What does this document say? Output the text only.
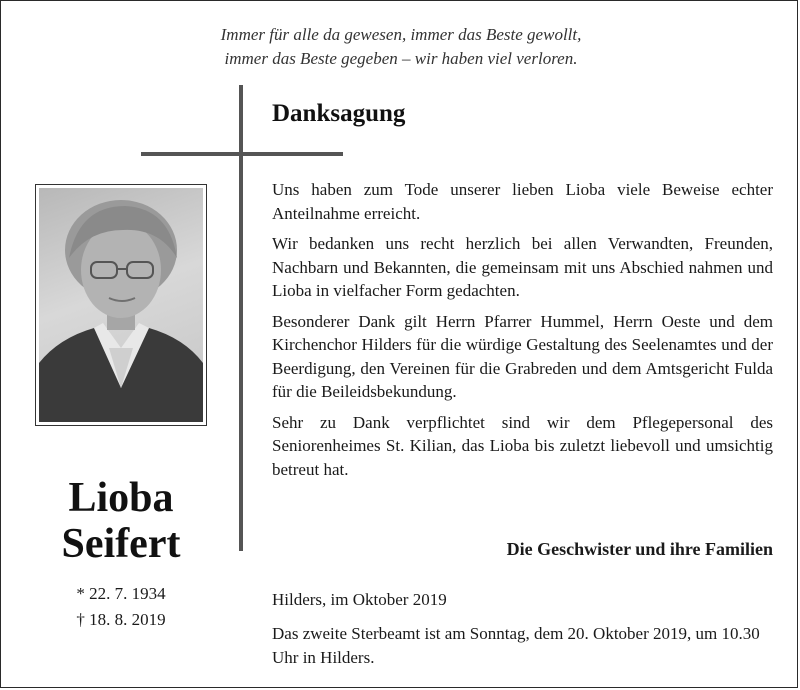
Immer für alle da gewesen, immer das Beste gewollt,
immer das Beste gegeben – wir haben viel verloren.
Lioba
Seifert
* 22. 7. 1934
† 18. 8. 2019
Danksagung

Uns haben zum Tode unserer lieben Lioba viele Beweise echter Anteilnahme erreicht.

Wir bedanken uns recht herzlich bei allen Verwandten, Freunden, Nachbarn und Bekannten, die gemeinsam mit uns Abschied nahmen und Lioba in vielfacher Form gedachten.

Besonderer Dank gilt Herrn Pfarrer Hummel, Herrn Oeste und dem Kirchenchor Hilders für die würdige Gestaltung des Seelenamtes und der Beerdigung, den Vereinen für die Grabreden und dem Amtsgericht Fulda für die Beileidsbekundung.

Sehr zu Dank verpflichtet sind wir dem Pflegepersonal des Seniorenheimes St. Kilian, das Lioba bis zuletzt liebevoll und umsichtig betreut hat.

Die Geschwister und ihre Familien
Hilders, im Oktober 2019
Das zweite Sterbeamt ist am Sonntag, dem 20. Oktober 2019, um 10.30 Uhr in Hilders.
